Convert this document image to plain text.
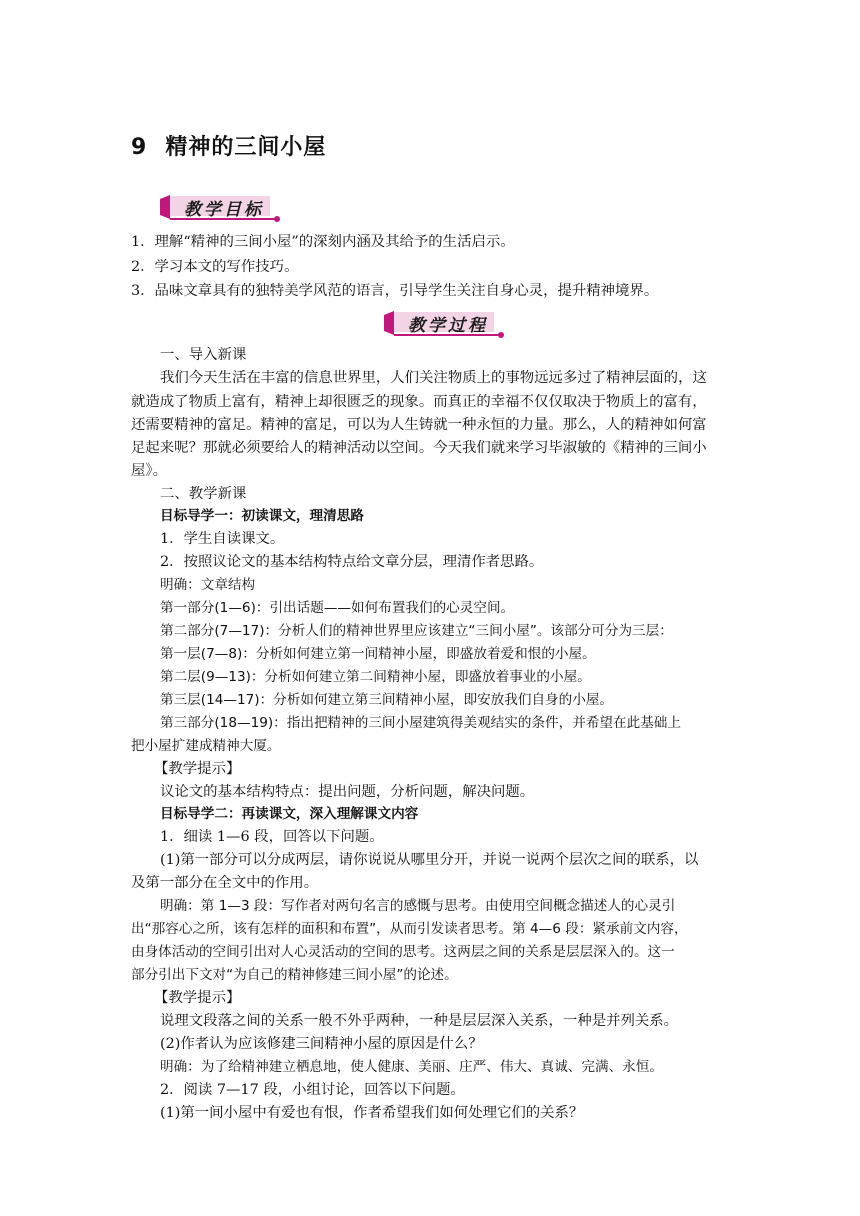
9 精神的三间小屋
教学目标
1．理解“精神的三间小屋”的深刻内涵及其给予的生活启示。
2．学习本文的写作技巧。
3．品味文章具有的独特美学风范的语言，引导学生关注自身心灵，提升精神境界。
教学过程
一、导入新课
我们今天生活在丰富的信息世界里，人们关注物质上的事物远远多过了精神层面的，这
就造成了物质上富有，精神上却很匮乏的现象。而真正的幸福不仅仅取决于物质上的富有，
还需要精神的富足。精神的富足，可以为人生铸就一种永恒的力量。那么，人的精神如何富
足起来呢？那就必须要给人的精神活动以空间。今天我们就来学习毕淑敏的《精神的三间小
屋》。
二、教学新课
目标导学一：初读课文，理清思路
1．学生自读课文。
2．按照议论文的基本结构特点给文章分层，理清作者思路。
明确：文章结构
第一部分(1—6)：引出话题——如何布置我们的心灵空间。
第二部分(7—17)：分析人们的精神世界里应该建立“三间小屋”。该部分可分为三层：
第一层(7—8)：分析如何建立第一间精神小屋，即盛放着爱和恨的小屋。
第二层(9—13)：分析如何建立第二间精神小屋，即盛放着事业的小屋。
第三层(14—17)：分析如何建立第三间精神小屋，即安放我们自身的小屋。
第三部分(18—19)：指出把精神的三间小屋建筑得美观结实的条件，并希望在此基础上
把小屋扩建成精神大厦。
【教学提示】
议论文的基本结构特点：提出问题，分析问题，解决问题。
目标导学二：再读课文，深入理解课文内容
1．细读 1—6 段，回答以下问题。
(1)第一部分可以分成两层，请你说说从哪里分开，并说一说两个层次之间的联系，以
及第一部分在全文中的作用。
明确：第 1—3 段：写作者对两句名言的感慨与思考。由使用空间概念描述人的心灵引
出“那容心之所，该有怎样的面积和布置”，从而引发读者思考。第 4—6 段：紧承前文内容，
由身体活动的空间引出对人心灵活动的空间的思考。这两层之间的关系是层层深入的。这一
部分引出下文对“为自己的精神修建三间小屋”的论述。
【教学提示】
说理文段落之间的关系一般不外乎两种，一种是层层深入关系，一种是并列关系。
(2)作者认为应该修建三间精神小屋的原因是什么？
明确：为了给精神建立栖息地，使人健康、美丽、庄严、伟大、真诚、完满、永恒。
2．阅读 7—17 段，小组讨论，回答以下问题。
(1)第一间小屋中有爱也有恨，作者希望我们如何处理它们的关系？
